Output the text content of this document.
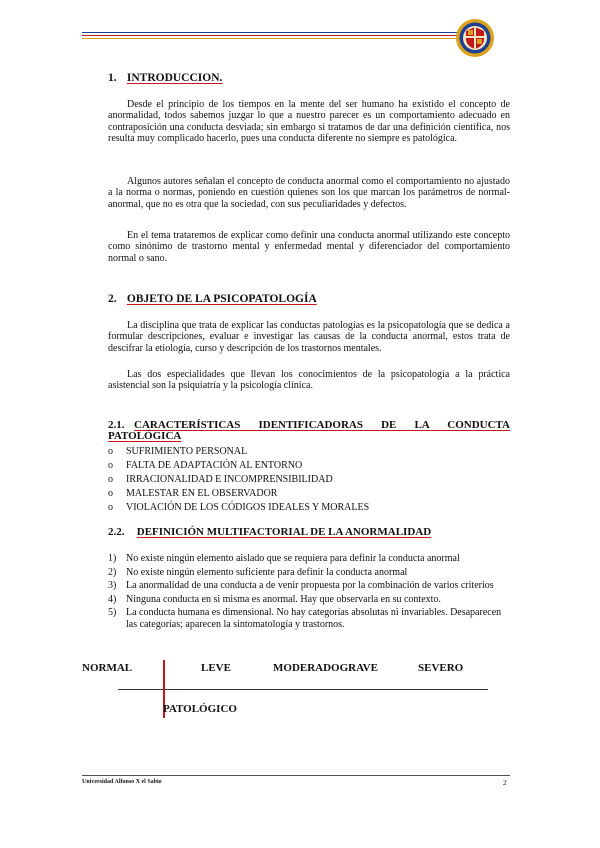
1. INTRODUCCION.
Desde el principio de los tiempos en la mente del ser humano ha existido el concepto de anormalidad, todos sabemos juzgar lo que a nuestro parecer es un comportamiento adecuado en contraposición una conducta desviada; sin embargo si tratamos de dar una definición científica, nos resulta muy complicado hacerlo, pues una conducta diferente no siempre es patológica.
Algunos autores señalan el concepto de conducta anormal como el comportamiento no ajustado a la norma o normas, poniendo en cuestión quienes son los que marcan los parámetros de normal-anormal, que no es otra que la sociedad, con sus peculiaridades y defectos.
En el tema trataremos de explicar como definir una conducta anormal utilizando este concepto como sinónimo de trastorno mental y enfermedad mental y diferenciador del comportamiento normal o sano.
2. OBJETO DE LA PSICOPATOLOGÍA
La disciplina que trata de explicar las conductas patologías es la psicopatología que se dedica a formular descripciones, evaluar e investigar las causas de la conducta anormal, estos trata de descifrar la etiología, curso y descripción de los trastornos mentales.
Las dos especialidades que llevan los conocimientos de la psicopatología a la práctica asistencial son la psiquiatría y la psicología clínica.
2.1. CARACTERÍSTICAS IDENTIFICADORAS DE LA CONDUCTA
PATOLÓGICA
o	SUFRIMIENTO PERSONAL
o	FALTA DE ADAPTACIÓN AL ENTORNO
o	IRRACIONALIDAD E INCOMPRENSIBILIDAD
o	MALESTAR EN EL OBSERVADOR
o	VIOLACIÓN DE LOS CÓDIGOS IDEALES Y MORALES
2.2. DEFINICIÓN MULTIFACTORIAL DE LA ANORMALIDAD
1) No existe ningún elemento aislado que se requiera para definir la conducta anormal
2) No existe ningún elemento suficiente para definir la conducta anormal
3) La anormalidad de una conducta a de venir propuesta por la combinación de varios criterios
4) Ninguna conducta en si misma es anormal. Hay que observarla en su contexto.
5) La conducta humana es dimensional. No hay categorías absolutas ni invariables. Desaparecen las categorías; aparecen la sintomatología y trastornos.
NORMAL	LEVE	MODERADOGRAVE	SEVERO
PATOLÓGICO
Universidad Alfonso X el Sabio	2
